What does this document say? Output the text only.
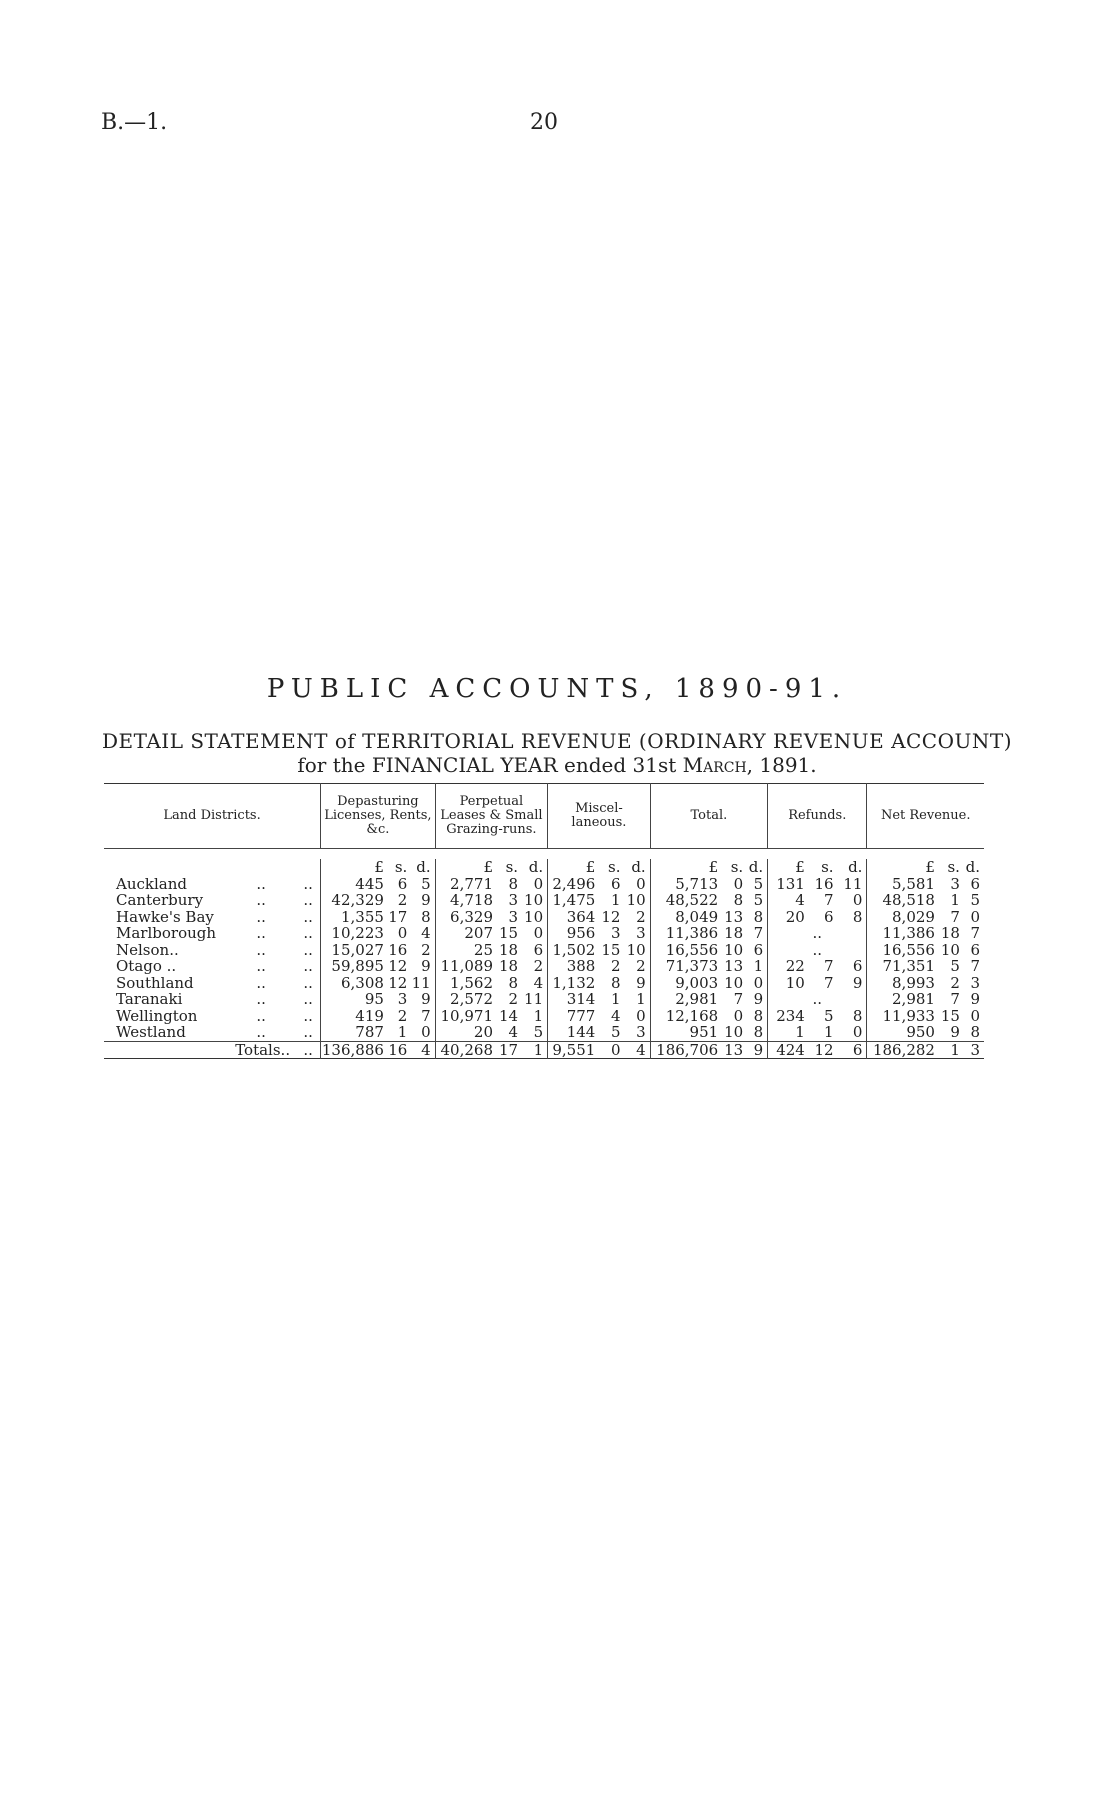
B.—1.	20
PUBLIC ACCOUNTS, 1890-91.
DETAIL STATEMENT of TERRITORIAL REVENUE (ORDINARY REVENUE ACCOUNT)
for the FINANCIAL YEAR ended 31st March, 1891.
Land Districts.			Depasturing Licenses, Rents, &c.			Perpetual Leases & Small Grazing-runs.			Miscel-laneous.			Total.			Refunds.			Net Revenue.		

			£	s.	d.	£	s.	d.	£	s.	d.	£	s.	d.	£	s.	d.	£	s.	d.
Auckland	..	..	445	6	5	2,771	8	0	2,496	6	0	5,713	0	5	131	16	11	5,581	3	6
Canterbury	..	..	42,329	2	9	4,718	3	10	1,475	1	10	48,522	8	5	4	7	0	48,518	1	5
Hawke's Bay	..	..	1,355	17	8	6,329	3	10	364	12	2	8,049	13	8	20	6	8	8,029	7	0
Marlborough	..	..	10,223	0	4	207	15	0	956	3	3	11,386	18	7	..			11,386	18	7
Nelson..	..	..	15,027	16	2	25	18	6	1,502	15	10	16,556	10	6	..			16,556	10	6
Otago ..	..	..	59,895	12	9	11,089	18	2	388	2	2	71,373	13	1	22	7	6	71,351	5	7
Southland	..	..	6,308	12	11	1,562	8	4	1,132	8	9	9,003	10	0	10	7	9	8,993	2	3
Taranaki	..	..	95	3	9	2,572	2	11	314	1	1	2,981	7	9	..			2,981	7	9
Wellington	..	..	419	2	7	10,971	14	1	777	4	0	12,168	0	8	234	5	8	11,933	15	0
Westland	..	..	787	1	0	20	4	5	144	5	3	951	10	8	1	1	0	950	9	8
Totals..		..	136,886	16	4	40,268	17	1	9,551	0	4	186,706	13	9	424	12	6	186,282	1	3
